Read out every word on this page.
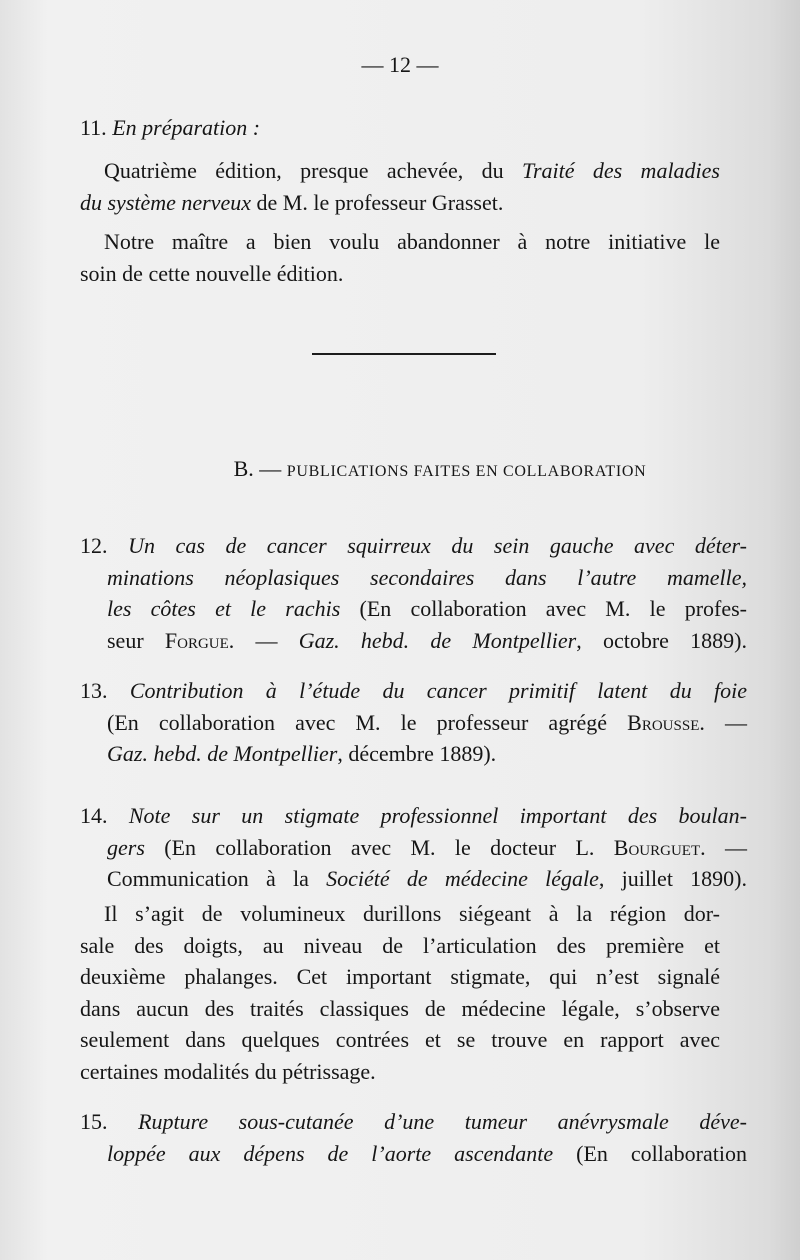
— 12 —
11. En préparation :
Quatrième édition, presque achevée, du Traité des maladies
du système nerveux de M. le professeur Grasset.
Notre maître a bien voulu abandonner à notre initiative le
soin de cette nouvelle édition.
B. — PUBLICATIONS FAITES EN COLLABORATION
12. Un cas de cancer squirreux du sein gauche avec déter-
minations néoplasiques secondaires dans l’autre mamelle,
les côtes et le rachis (En collaboration avec M. le profes-
seur Forgue. — Gaz. hebd. de Montpellier, octobre 1889).
13. Contribution à l’étude du cancer primitif latent du foie
(En collaboration avec M. le professeur agrégé Brousse. —
Gaz. hebd. de Montpellier, décembre 1889).
14. Note sur un stigmate professionnel important des boulan-
gers (En collaboration avec M. le docteur L. Bourguet. —
Communication à la Société de médecine légale, juillet 1890).
Il s’agit de volumineux durillons siégeant à la région dor-
sale des doigts, au niveau de l’articulation des première et
deuxième phalanges. Cet important stigmate, qui n’est signalé
dans aucun des traités classiques de médecine légale, s’observe
seulement dans quelques contrées et se trouve en rapport avec
certaines modalités du pétrissage.
15. Rupture sous-cutanée d’une tumeur anévrysmale déve-
loppée aux dépens de l’aorte ascendante (En collaboration
